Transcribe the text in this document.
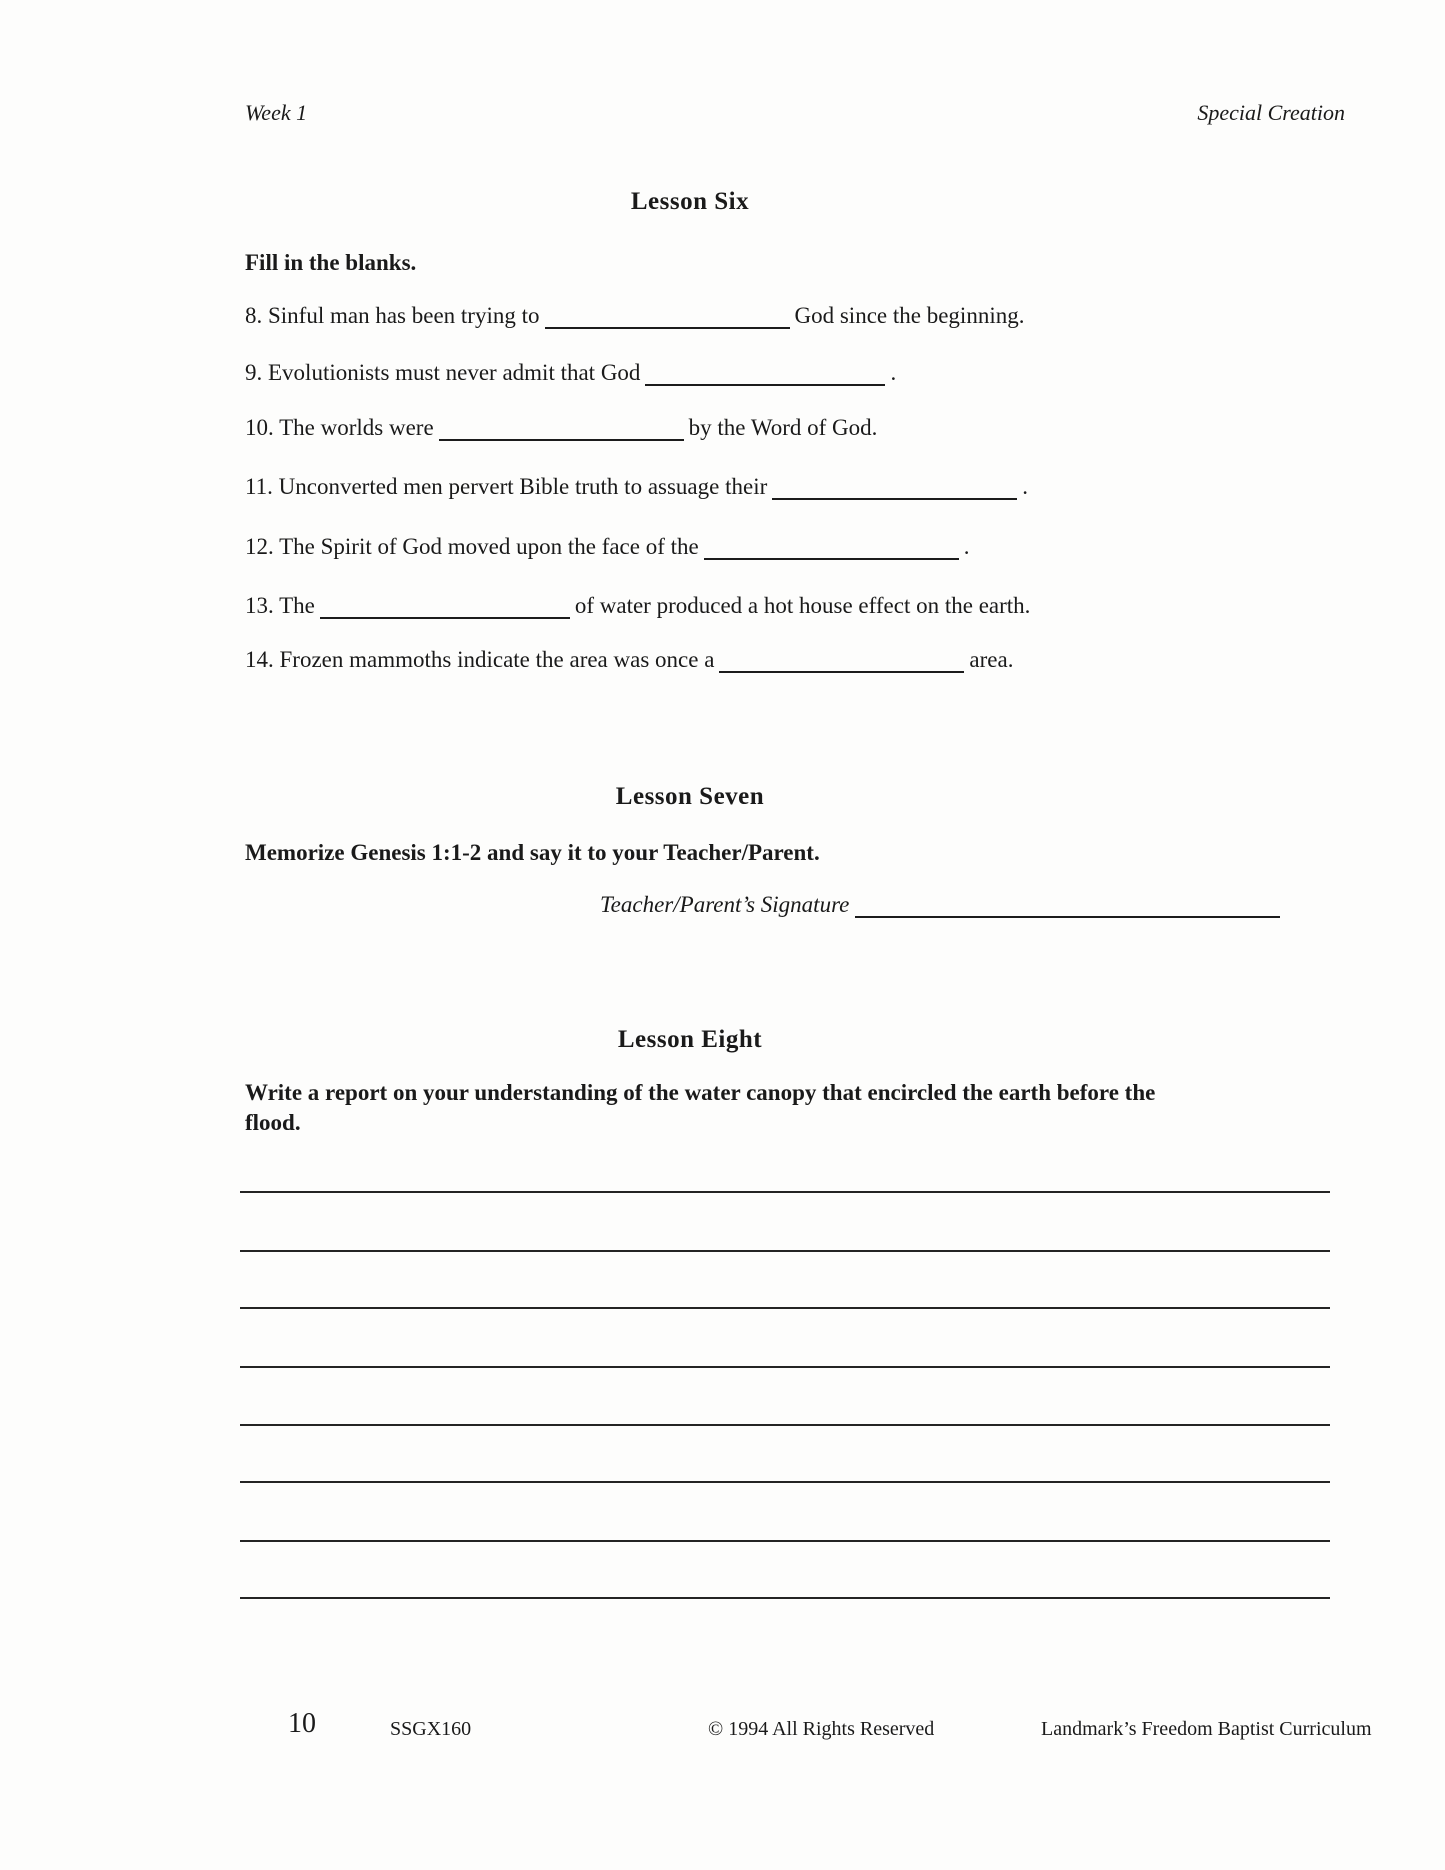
Week 1	Special Creation
Lesson Six
Fill in the blanks.
8. Sinful man has been trying to	God since the beginning.
9. Evolutionists must never admit that God	.
10. The worlds were	by the Word of God.
11. Unconverted men pervert Bible truth to assuage their	.
12. The Spirit of God moved upon the face of the	.
13. The	of water produced a hot house effect on the earth.
14. Frozen mammoths indicate the area was once a	area.
Lesson Seven
Memorize Genesis 1:1-2 and say it to your Teacher/Parent.
Teacher/Parent’s Signature
Lesson Eight
Write a report on your understanding of the water canopy that encircled the earth before the flood.
10	SSGX160	© 1994 All Rights Reserved	Landmark’s Freedom Baptist Curriculum
